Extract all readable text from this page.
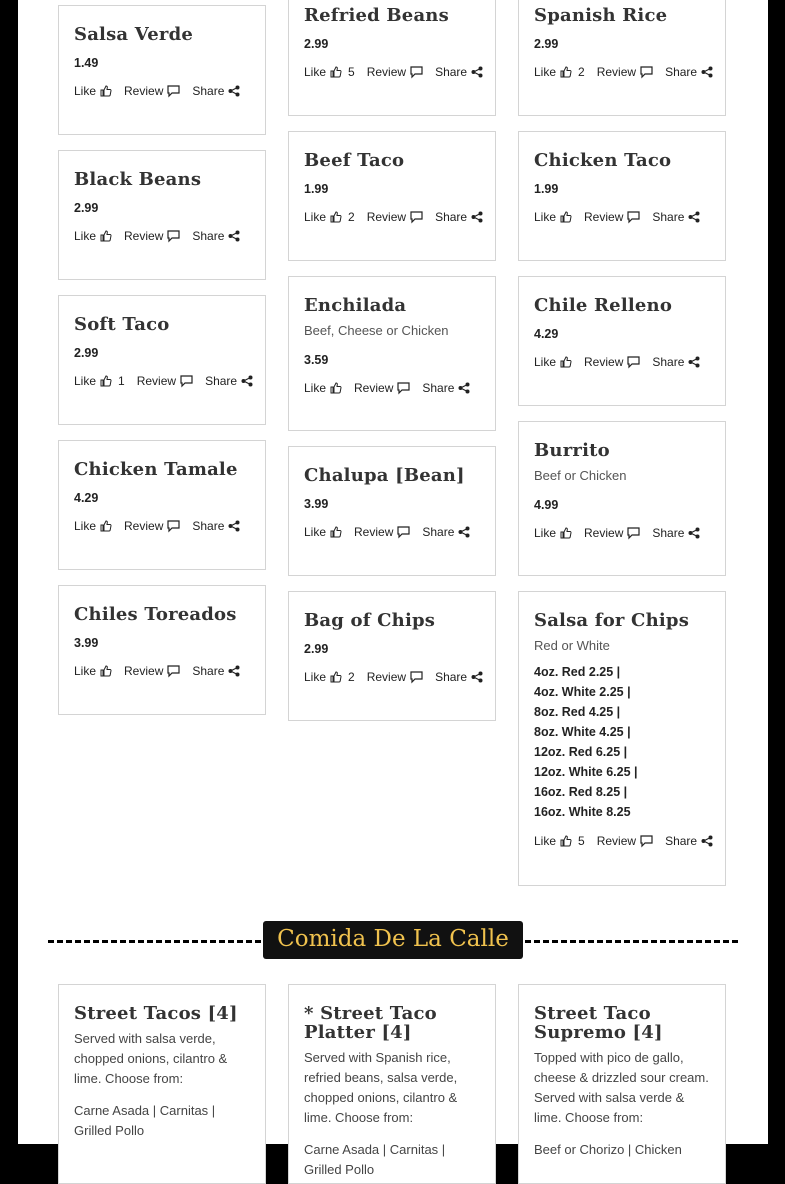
Salsa Verde
1.49
Like Review Share
Black Beans
2.99
Like Review Share
Soft Taco
2.99
Like 1 Review Share
Chicken Tamale
4.29
Like Review Share
Chiles Toreados
3.99
Like Review Share
Refried Beans
2.99
Like 5 Review Share
Beef Taco
1.99
Like 2 Review Share
Enchilada
Beef, Cheese or Chicken
3.59
Like Review Share
Chalupa [Bean]
3.99
Like Review Share
Bag of Chips
2.99
Like 2 Review Share
Spanish Rice
2.99
Like 2 Review Share
Chicken Taco
1.99
Like Review Share
Chile Relleno
4.29
Like Review Share
Burrito
Beef or Chicken
4.99
Like Review Share
Salsa for Chips
Red or White
4oz. Red 2.25 |
4oz. White 2.25 |
8oz. Red 4.25 |
8oz. White 4.25 |
12oz. Red 6.25 |
12oz. White 6.25 |
16oz. Red 8.25 |
16oz. White 8.25
Like 5 Review Share
Comida De La Calle
Street Tacos [4]
Served with salsa verde, chopped onions, cilantro & lime. Choose from:
Carne Asada | Carnitas | Grilled Pollo
* Street Taco Platter [4]
Served with Spanish rice, refried beans, salsa verde, chopped onions, cilantro & lime. Choose from:
Carne Asada | Carnitas | Grilled Pollo
Street Taco Supremo [4]
Topped with pico de gallo, cheese & drizzled sour cream. Served with salsa verde & lime. Choose from:
Beef or Chorizo | Chicken
